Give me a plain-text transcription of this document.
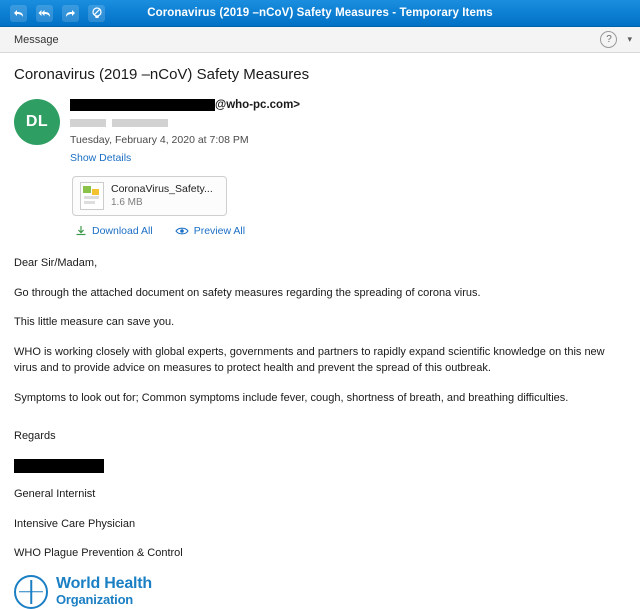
Coronavirus (2019 –nCoV) Safety Measures - Temporary Items
Message	?	▾
Coronavirus (2019 –nCoV) Safety Measures
DL
@who-pc.com>
Tuesday, February 4, 2020 at 7:08 PM
Show Details
CoronaVirus_Safety...
1.6 MB
Download All	Preview All

Dear Sir/Madam,

Go through the attached document on safety measures regarding the spreading of corona virus.

This little measure can save you.

WHO is working closely with global experts, governments and partners to rapidly expand scientific knowledge on this new virus and to provide advice on measures to protect health and prevent the spread of this outbreak.

Symptoms to look out for; Common symptoms include fever, cough, shortness of breath, and breathing difficulties.

Regards

General Internist

Intensive Care Physician

WHO Plague Prevention & Control

World Health
Organization
